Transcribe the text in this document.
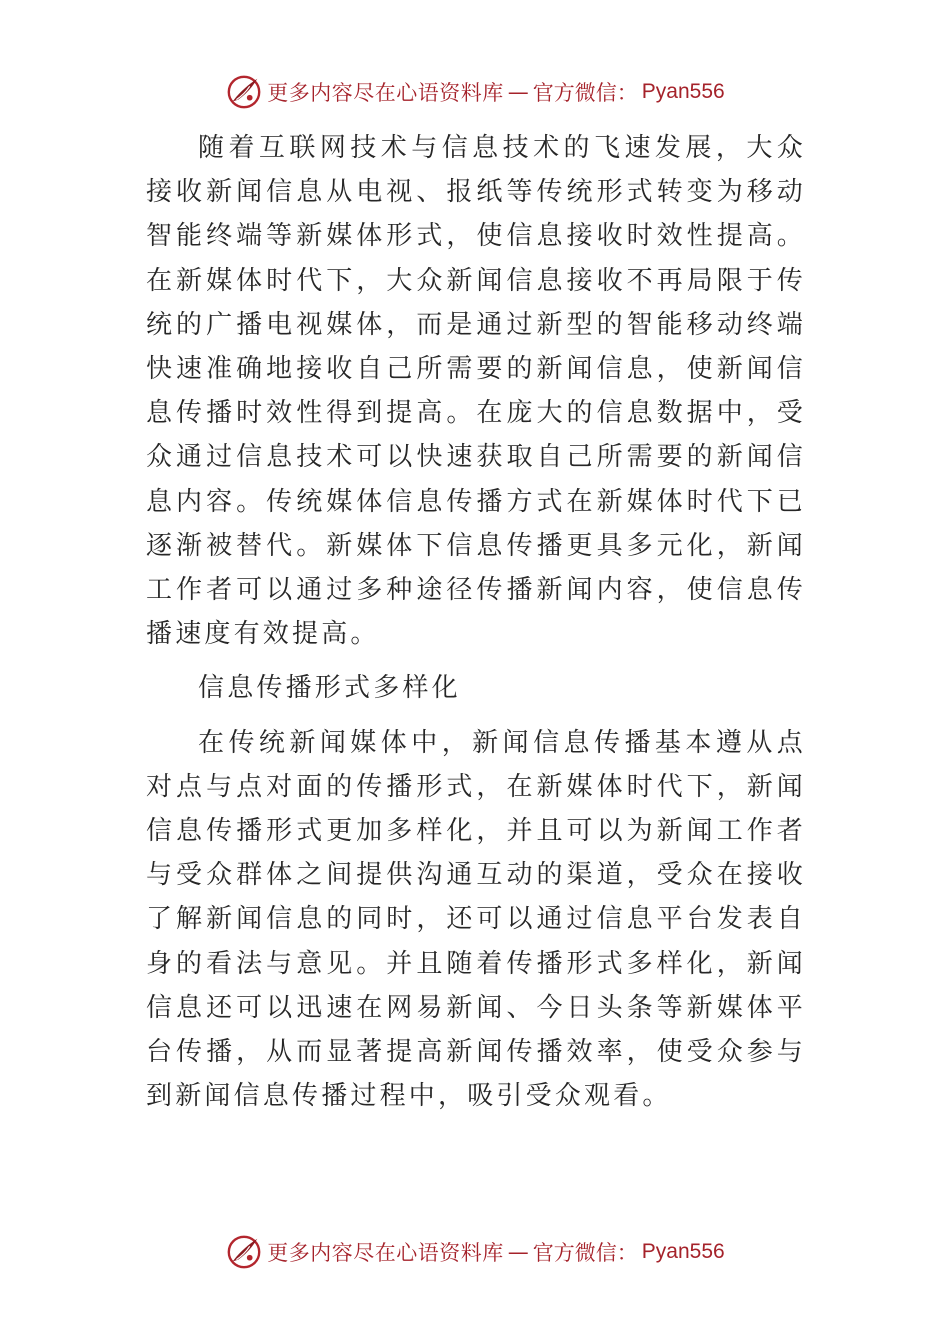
更多内容尽在心语资料库 — 官方微信： Pyan556

随着互联网技术与信息技术的飞速发展，大众接收新闻信息从电视、报纸等传统形式转变为移动智能终端等新媒体形式，使信息接收时效性提高。在新媒体时代下，大众新闻信息接收不再局限于传统的广播电视媒体，而是通过新型的智能移动终端快速准确地接收自己所需要的新闻信息，使新闻信息传播时效性得到提高。在庞大的信息数据中，受众通过信息技术可以快速获取自己所需要的新闻信息内容。传统媒体信息传播方式在新媒体时代下已逐渐被替代。新媒体下信息传播更具多元化，新闻工作者可以通过多种途径传播新闻内容，使信息传播速度有效提高。

信息传播形式多样化

在传统新闻媒体中，新闻信息传播基本遵从点对点与点对面的传播形式，在新媒体时代下，新闻信息传播形式更加多样化，并且可以为新闻工作者与受众群体之间提供沟通互动的渠道，受众在接收了解新闻信息的同时，还可以通过信息平台发表自身的看法与意见。并且随着传播形式多样化，新闻信息还可以迅速在网易新闻、今日头条等新媒体平台传播，从而显著提高新闻传播效率，使受众参与到新闻信息传播过程中，吸引受众观看。

更多内容尽在心语资料库 — 官方微信： Pyan556
